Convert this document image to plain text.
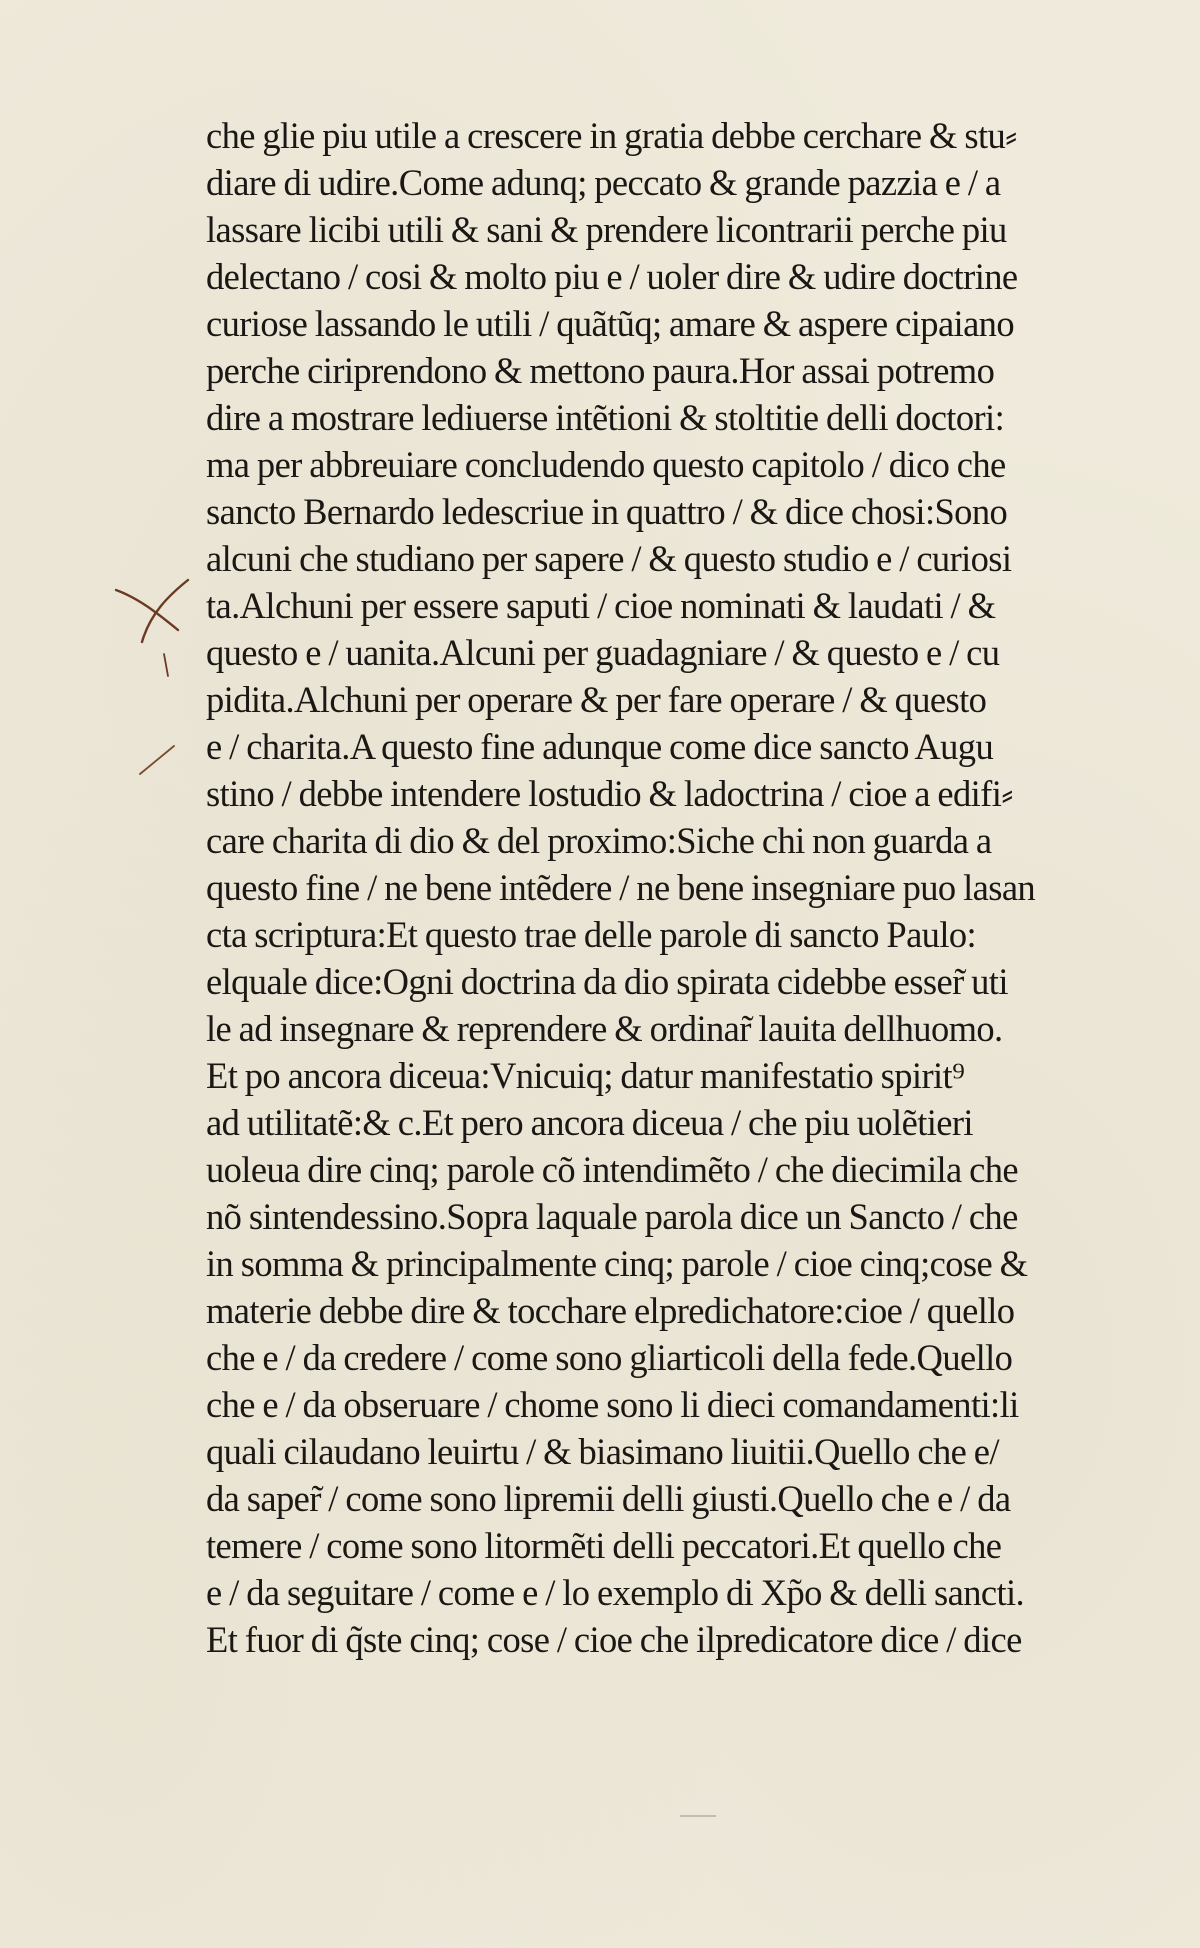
che glie piu utile a crescere in gratia debbe cerchare & stu⸗
diare di udire.Come adunq; peccato & grande pazzia e / a
lassare licibi utili & sani & prendere licontrarii perche piu
delectano / cosi & molto piu e / uoler dire & udire doctrine
curiose lassando le utili / quãtũq; amare & aspere cipaiano
perche ciriprendono & mettono paura.Hor assai potremo
dire a mostrare lediuerse intẽtioni & stoltitie delli doctori:
ma per abbreuiare concludendo questo capitolo / dico che
sancto Bernardo ledescriue in quattro / & dice chosi:Sono
alcuni che studiano per sapere / & questo studio e / curiosi
ta.Alchuni per essere saputi / cioe nominati & laudati / &
questo e / uanita.Alcuni per guadagniare / & questo e / cu
pidita.Alchuni per operare & per fare operare / & questo
e / charita.A questo fine adunque come dice sancto Augu
stino / debbe intendere lostudio & ladoctrina / cioe a edifi⸗
care charita di dio & del proximo:Siche chi non guarda a
questo fine / ne bene intẽdere / ne bene insegniare puo lasan
cta scriptura:Et questo trae delle parole di sancto Paulo:
elquale dice:Ogni doctrina da dio spirata cidebbe esser̃ uti
le ad insegnare & reprendere & ordinar̃ lauita dellhuomo.
Et po ancora diceua:Vnicuiq; datur manifestatio spirit⁹
ad utilitatẽ:& c.Et pero ancora diceua / che piu uolẽtieri
uoleua dire cinq; parole cõ intendimẽto / che diecimila che
nõ sintendessino.Sopra laquale parola dice un Sancto / che
in somma & principalmente cinq; parole / cioe cinq;cose &
materie debbe dire & tocchare elpredichatore:cioe / quello
che e / da credere / come sono gliarticoli della fede.Quello
che e / da obseruare / chome sono li dieci comandamenti:li
quali cilaudano leuirtu / & biasimano liuitii.Quello che e/
da saper̃ / come sono lipremii delli giusti.Quello che e / da
temere / come sono litormẽti delli peccatori.Et quello che
e / da seguitare / come e / lo exemplo di Xp̃o & delli sancti.
Et fuor di q̃ste cinq; cose / cioe che ilpredicatore dice / dice
